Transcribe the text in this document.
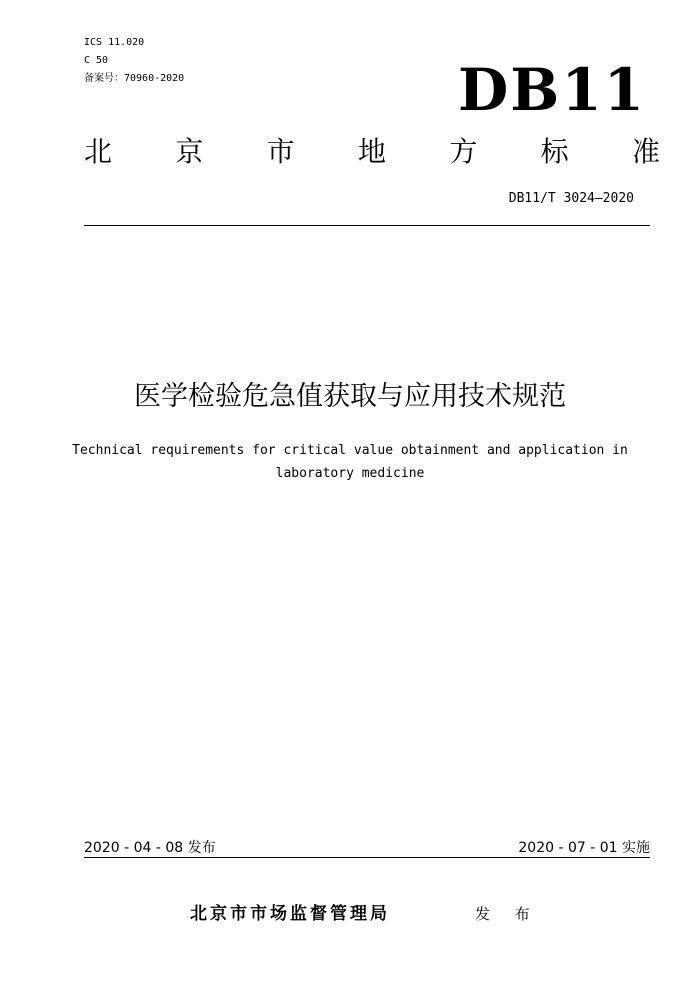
ICS 11.020
C 50
备案号：70960-2020	DB11
北 京 市 地 方 标 准
DB11/T 3024—2020
医学检验危急值获取与应用技术规范
Technical requirements for critical value obtainment and application in
laboratory medicine
2020 - 04 - 08 发布	2020 - 07 - 01 实施
北京市市场监督管理局	发 布
